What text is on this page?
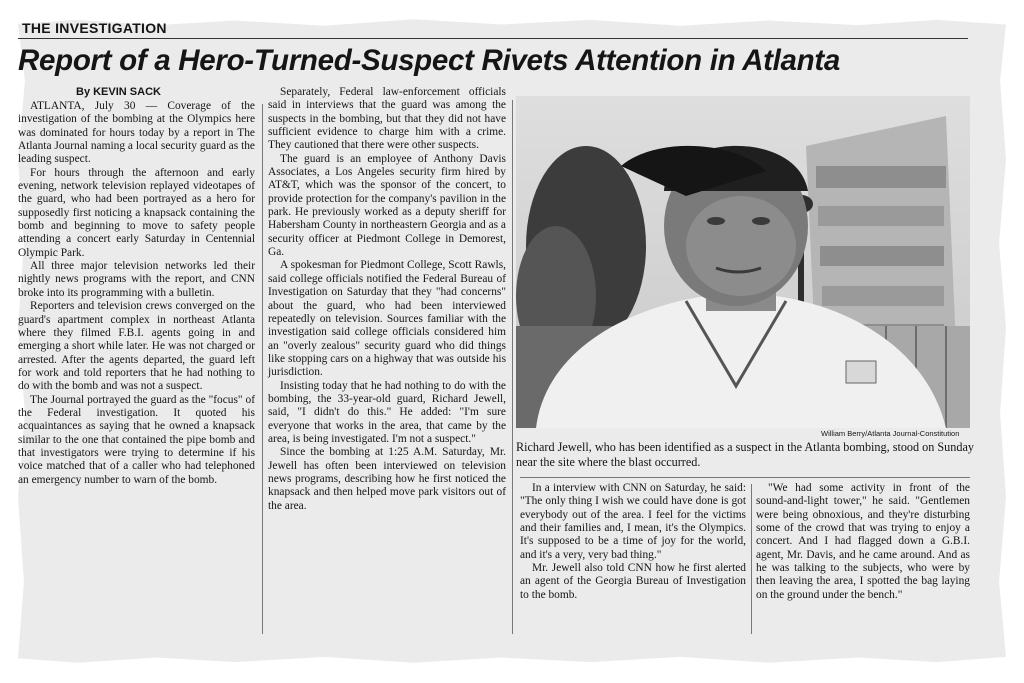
THE INVESTIGATION
Report of a Hero-Turned-Suspect Rivets Attention in Atlanta
By KEVIN SACK

ATLANTA, July 30 — Coverage of the investigation of the bombing at the Olympics here was dominated for hours today by a report in The Atlanta Journal naming a local security guard as the leading suspect.

For hours through the afternoon and early evening, network television replayed videotapes of the guard, who had been portrayed as a hero for supposedly first noticing a knapsack containing the bomb and beginning to move to safety people attending a concert early Saturday in Centennial Olympic Park.

All three major television networks led their nightly news programs with the report, and CNN broke into its programming with a bulletin.

Reporters and television crews converged on the guard's apartment complex in northeast Atlanta where they filmed F.B.I. agents going in and emerging a short while later. He was not charged or arrested. After the agents departed, the guard left for work and told reporters that he had nothing to do with the bomb and was not a suspect.

The Journal portrayed the guard as the "focus" of the Federal investigation. It quoted his acquaintances as saying that he owned a knapsack similar to the one that contained the pipe bomb and that investigators were trying to determine if his voice matched that of a caller who had telephoned an emergency number to warn of the bomb.

Separately, Federal law-enforcement officials said in interviews that the guard was among the suspects in the bombing, but that they did not have sufficient evidence to charge him with a crime. They cautioned that there were other suspects.

The guard is an employee of Anthony Davis Associates, a Los Angeles security firm hired by AT&T, which was the sponsor of the concert, to provide protection for the company's pavilion in the park. He previously worked as a deputy sheriff for Habersham County in northeastern Georgia and as a security officer at Piedmont College in Demorest, Ga.

A spokesman for Piedmont College, Scott Rawls, said college officials notified the Federal Bureau of Investigation on Saturday that they "had concerns" about the guard, who had been interviewed repeatedly on television. Sources familiar with the investigation said college officials considered him an "overly zealous" security guard who did things like stopping cars on a highway that was outside his jurisdiction.

Insisting today that he had nothing to do with the bombing, the 33-year-old guard, Richard Jewell, said, "I didn't do this." He added: "I'm sure everyone that works in the area, that came by the area, is being investigated. I'm not a suspect."

Since the bombing at 1:25 A.M. Saturday, Mr. Jewell has often been interviewed on television news programs, describing how he first noticed the knapsack and then helped move park visitors out of the area.

William Berry/Atlanta Journal-Constitution
Richard Jewell, who has been identified as a suspect in the Atlanta bombing, stood on Sunday near the site where the blast occurred.

In a interview with CNN on Saturday, he said: "The only thing I wish we could have done is got everybody out of the area. I feel for the victims and their families and, I mean, it's the Olympics. It's supposed to be a time of joy for the world, and it's a very, very bad thing."

Mr. Jewell also told CNN how he first alerted an agent of the Georgia Bureau of Investigation to the bomb.

"We had some activity in front of the sound-and-light tower," he said. "Gentlemen were being obnoxious, and they're disturbing some of the crowd that was trying to enjoy a concert. And I had flagged down a G.B.I. agent, Mr. Davis, and he came around. And as he was talking to the subjects, who were by then leaving the area, I spotted the bag laying on the ground under the bench."
